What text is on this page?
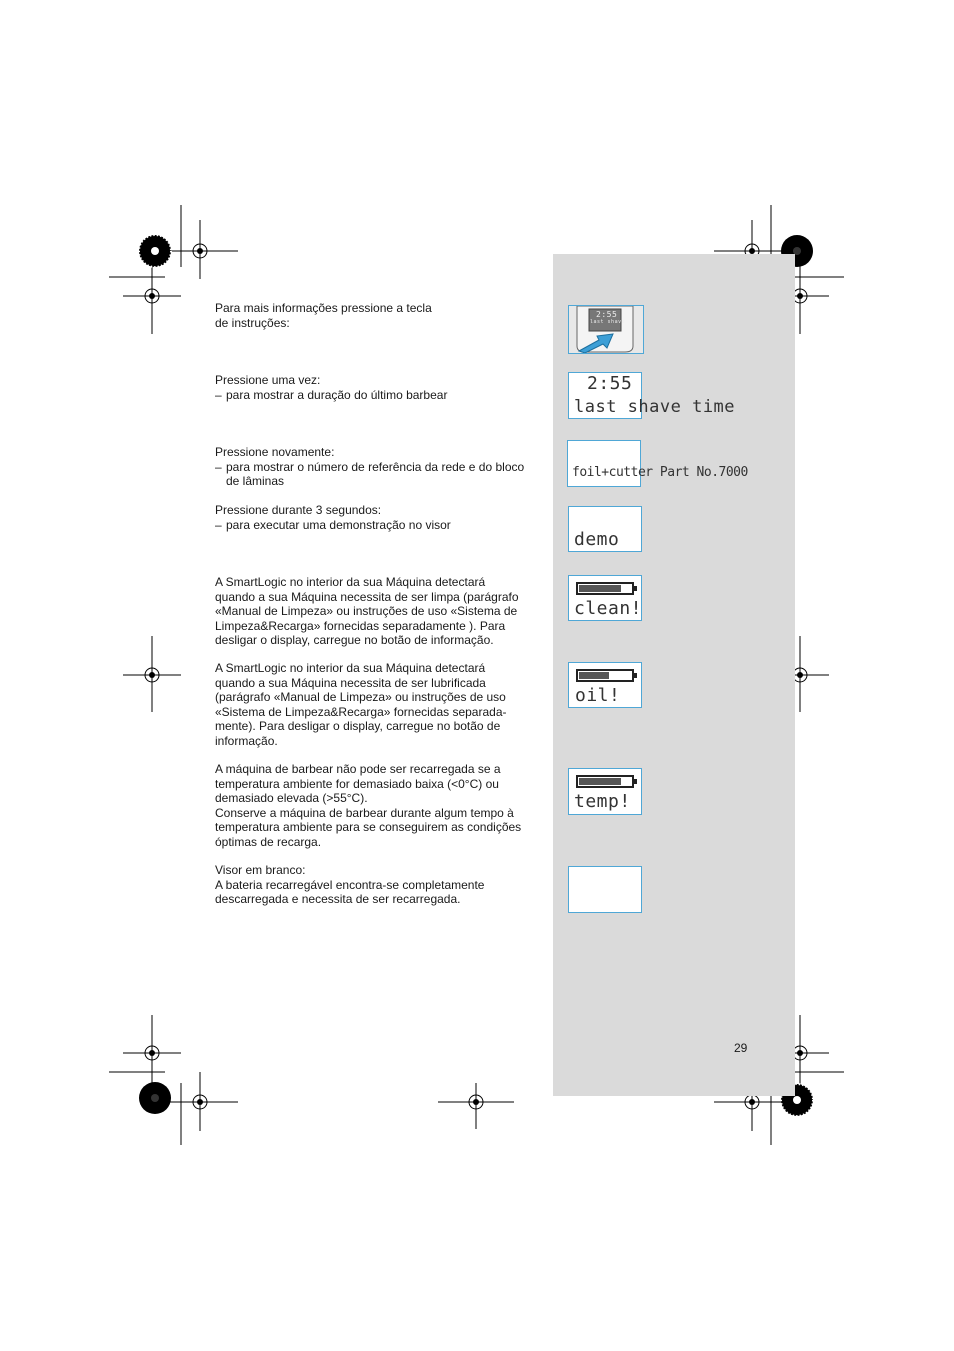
Para mais informações pressione a tecla

de instruções:

Pressione uma vez:

– para mostrar a duração do último barbear

Pressione novamente:

– para mostrar o número de referência da rede e do bloco de lâminas

Pressione durante 3 segundos:

– para executar uma demonstração no visor

A SmartLogic no interior da sua Máquina detectará

quando a sua Máquina necessita de ser limpa (parágrafo

«Manual de Limpeza» ou instruções de uso «Sistema de

Limpeza&Recarga» fornecidas separadamente ). Para

desligar o display, carregue no botão de informação.

A SmartLogic no interior da sua Máquina detectará

quando a sua Máquina necessita de ser lubrificada

(parágrafo «Manual de Limpeza» ou instruções de uso

«Sistema de Limpeza&Recarga» fornecidas separada-

mente). Para desligar o display, carregue no botão de

informação.

A máquina de barbear não pode ser recarregada se a

temperatura ambiente for demasiado baixa (<0°C) ou

demasiado elevada (>55°C).

Conserve a máquina de barbear durante algum tempo à

temperatura ambiente para se conseguirem as condições

óptimas de recarga.

Visor em branco:

A bateria recarregável encontra-se completamente

descarregada e necessita de ser recarregada.

2:55
last shave
2:55
last shave time
foil+cutter Part No.7000
demo
clean!
oil!
temp!
29
